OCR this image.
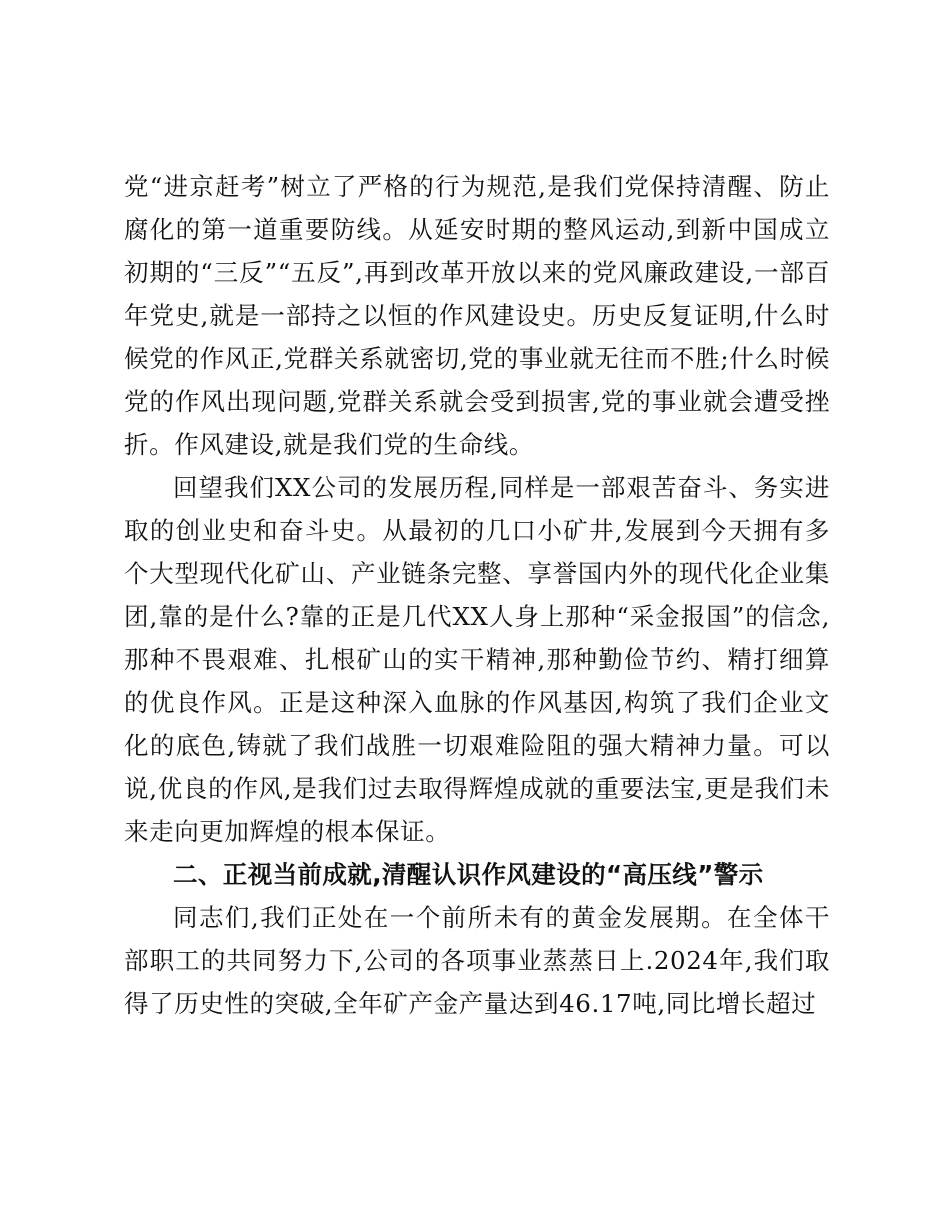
党“进京赶考”树立了严格的行为规范,是我们党保持清醒、防止腐化的第一道重要防线。从延安时期的整风运动,到新中国成立初期的“三反”“五反”,再到改革开放以来的党风廉政建设,一部百年党史,就是一部持之以恒的作风建设史。历史反复证明,什么时候党的作风正,党群关系就密切,党的事业就无往而不胜;什么时候党的作风出现问题,党群关系就会受到损害,党的事业就会遭受挫折。作风建设,就是我们党的生命线。

回望我们XX公司的发展历程,同样是一部艰苦奋斗、务实进取的创业史和奋斗史。从最初的几口小矿井,发展到今天拥有多个大型现代化矿山、产业链条完整、享誉国内外的现代化企业集团,靠的是什么?靠的正是几代XX人身上那种“采金报国”的信念,那种不畏艰难、扎根矿山的实干精神,那种勤俭节约、精打细算的优良作风。正是这种深入血脉的作风基因,构筑了我们企业文化的底色,铸就了我们战胜一切艰难险阻的强大精神力量。可以说,优良的作风,是我们过去取得辉煌成就的重要法宝,更是我们未来走向更加辉煌的根本保证。

二、正视当前成就,清醒认识作风建设的“高压线”警示

同志们,我们正处在一个前所未有的黄金发展期。在全体干部职工的共同努力下,公司的各项事业蒸蒸日上.2024年,我们取得了历史性的突破,全年矿产金产量达到46.17吨,同比增长超过
